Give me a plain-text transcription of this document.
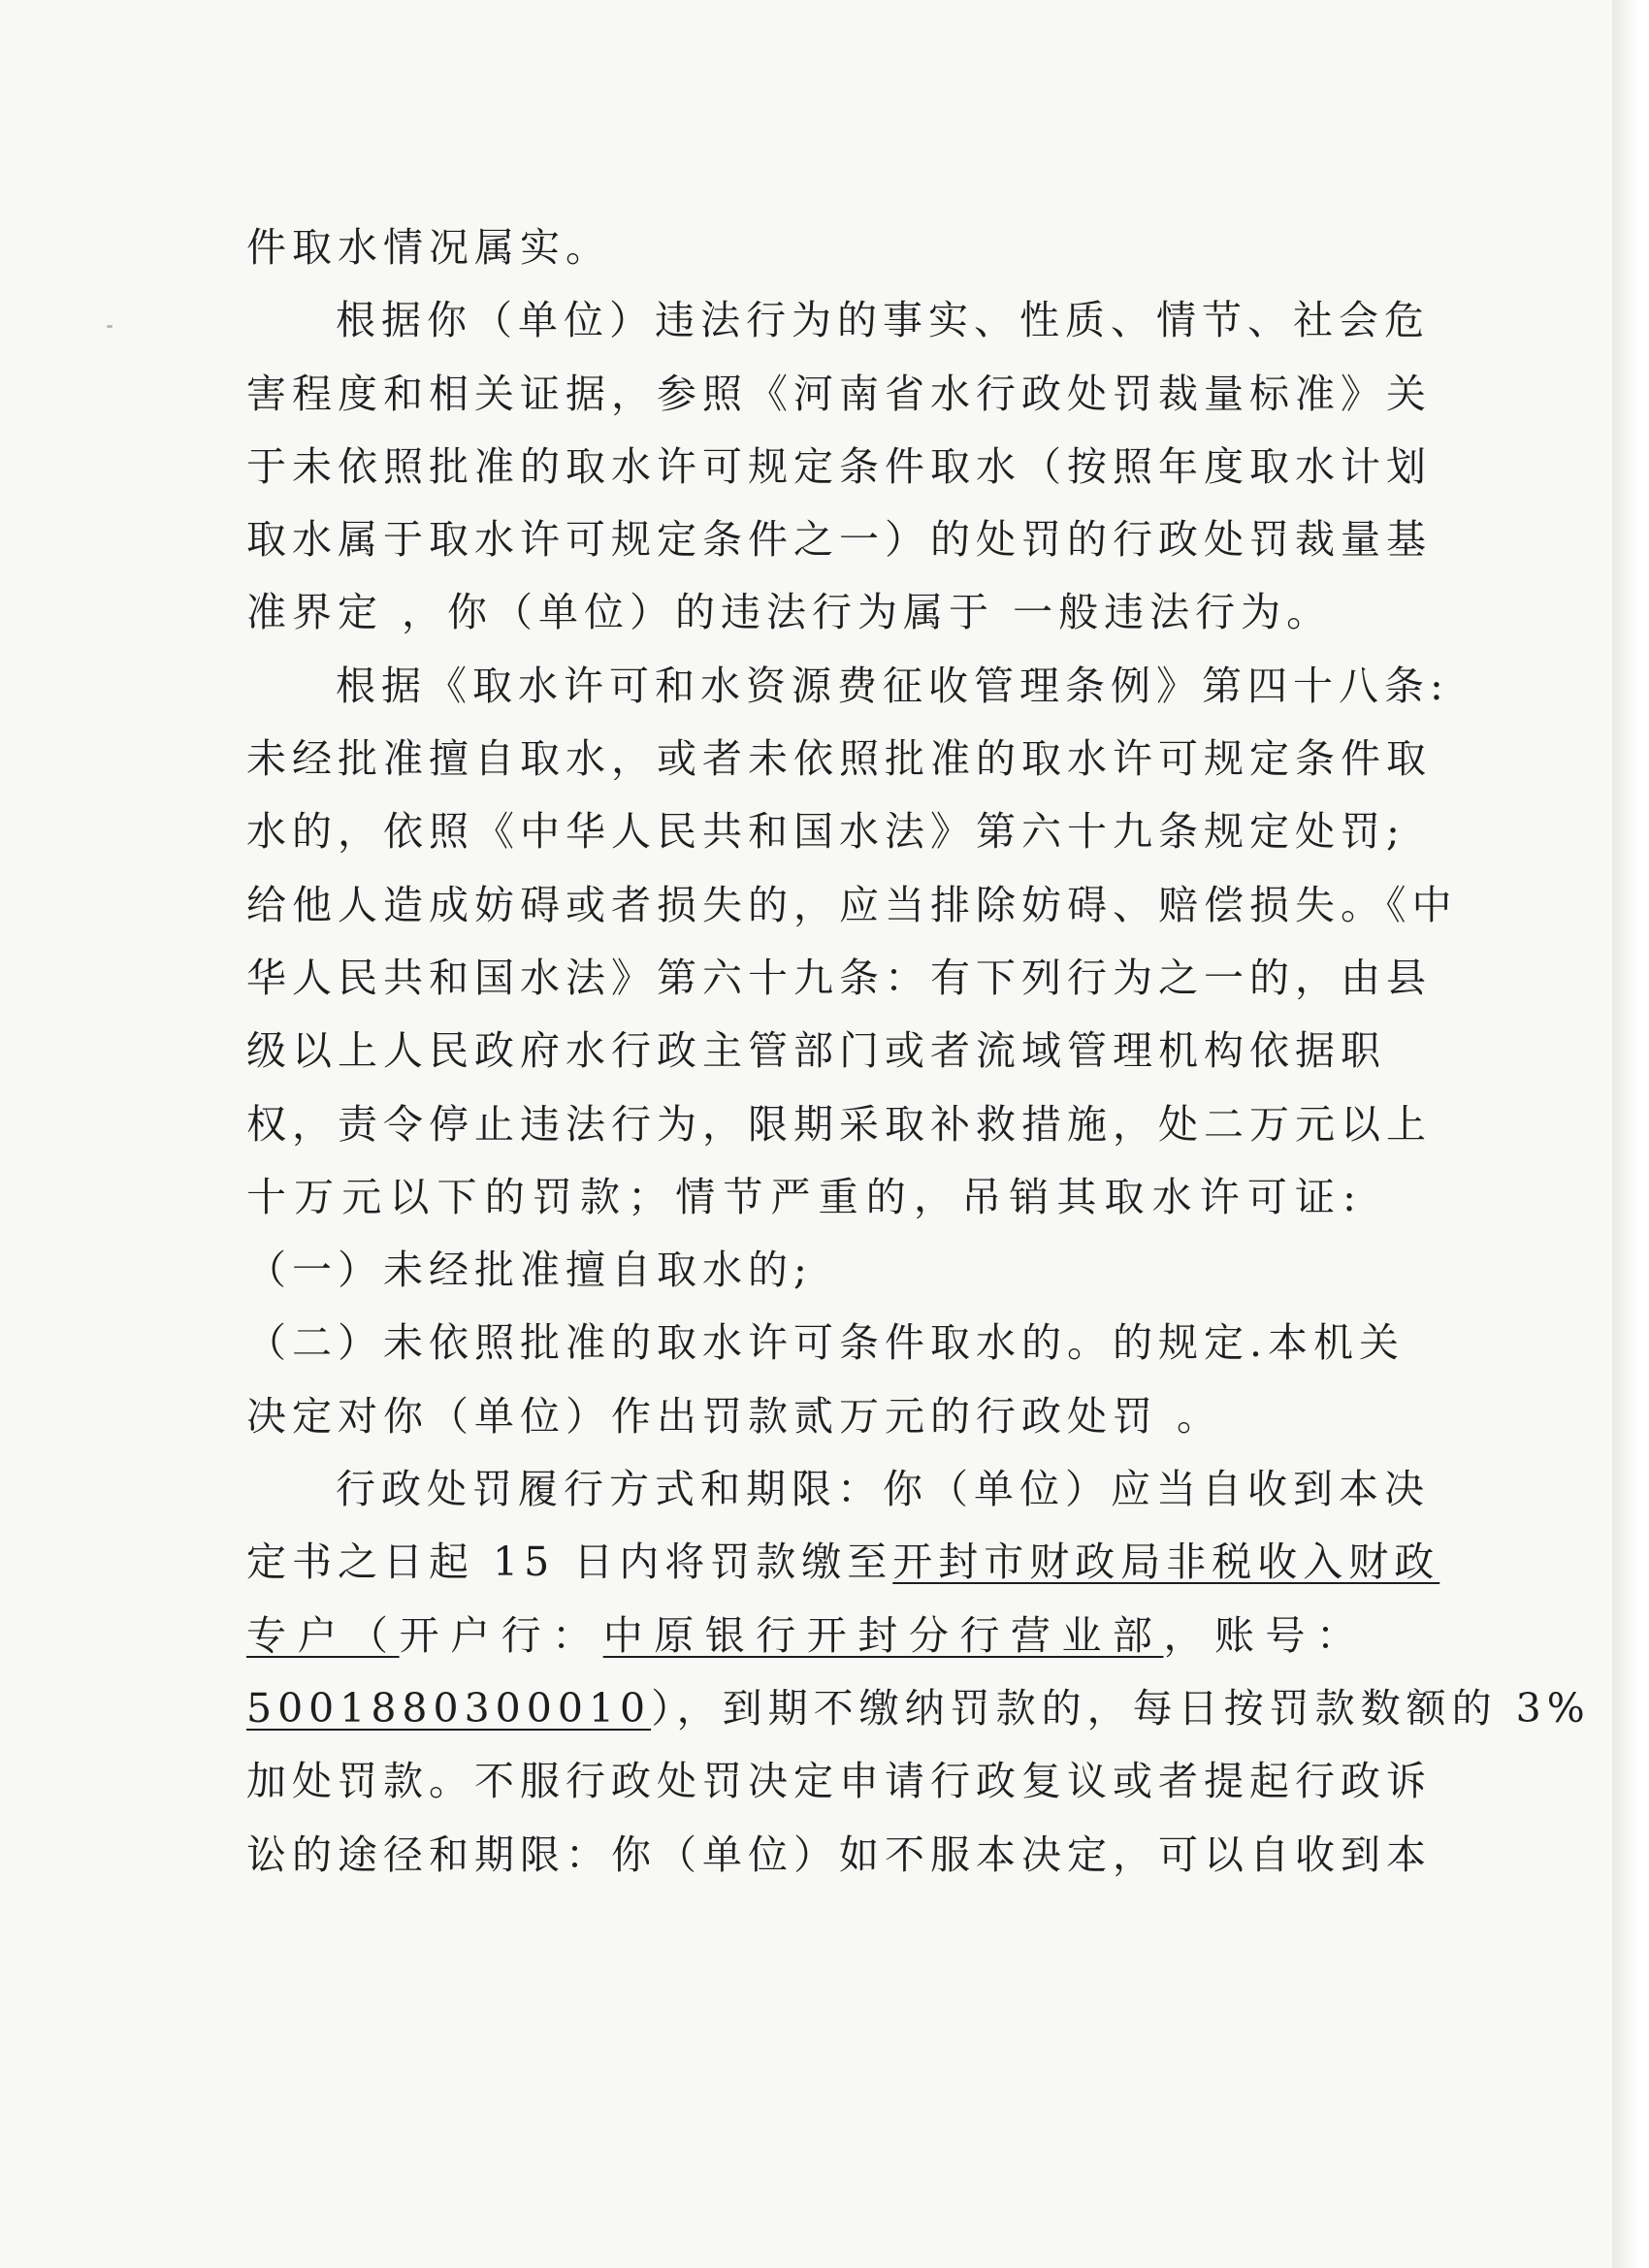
件取水情况属实。
根据你（单位）违法行为的事实、性质、情节、社会危
害程度和相关证据，参照《河南省水行政处罚裁量标准》关
于未依照批准的取水许可规定条件取水（按照年度取水计划
取水属于取水许可规定条件之一）的处罚的行政处罚裁量基
准界定 ，你（单位）的违法行为属于 一般违法行为。
根据《取水许可和水资源费征收管理条例》第四十八条:
未经批准擅自取水，或者未依照批准的取水许可规定条件取
水的，依照《中华人民共和国水法》第六十九条规定处罚;
给他人造成妨碍或者损失的，应当排除妨碍、赔偿损失。《中
华人民共和国水法》第六十九条：有下列行为之一的，由县
级以上人民政府水行政主管部门或者流域管理机构依据职
权，责令停止违法行为，限期采取补救措施，处二万元以上
十万元以下的罚款；情节严重的，吊销其取水许可证:
（一）未经批准擅自取水的;
（二）未依照批准的取水许可条件取水的。的规定.本机关
决定对你（单位）作出罚款贰万元的行政处罚 。
行政处罚履行方式和期限：你（单位）应当自收到本决
定书之日起 15 日内将罚款缴至开封市财政局非税收入财政
专户（开户行：中原银行开封分行营业部，账号：
5001880300010），到期不缴纳罚款的，每日按罚款数额的 3%
加处罚款。不服行政处罚决定申请行政复议或者提起行政诉
讼的途径和期限：你（单位）如不服本决定，可以自收到本
